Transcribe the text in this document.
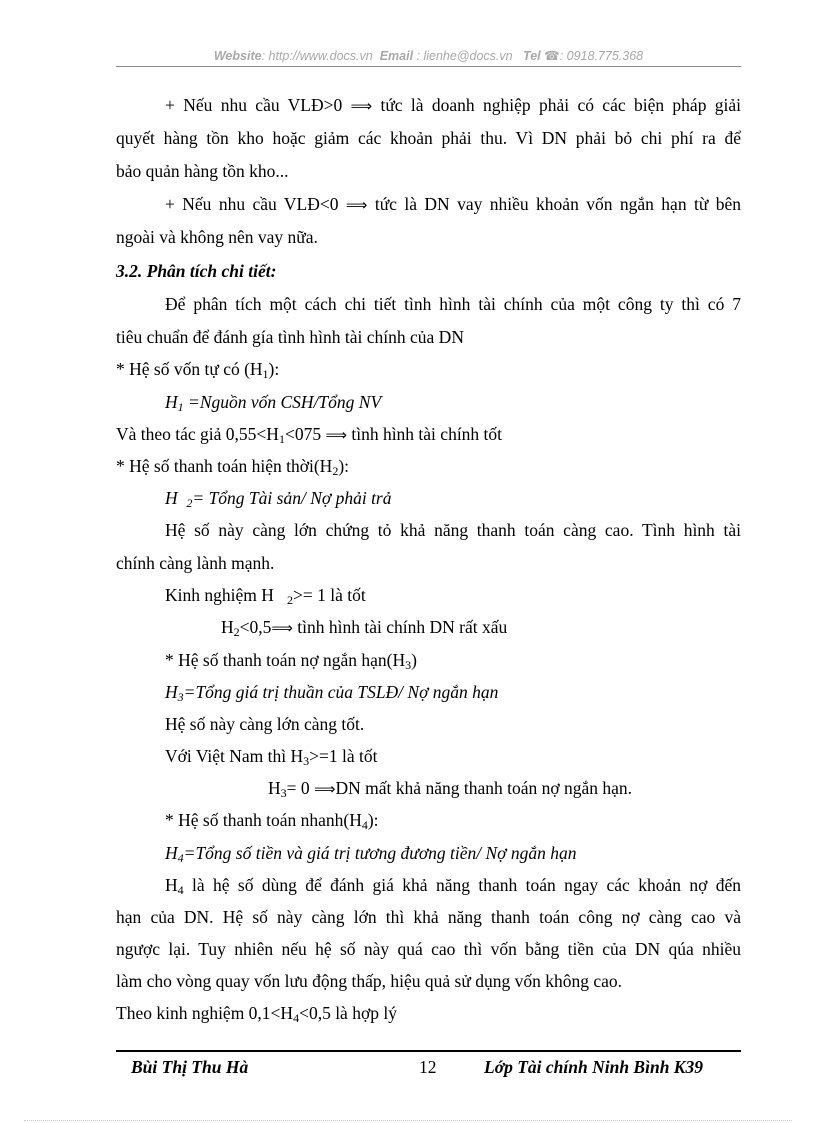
Website: http://www.docs.vn Email : lienhe@docs.vn Tel ☎: 0918.775.368
+ Nếu nhu cầu VLĐ>0 ⟹ tức là doanh nghiệp phải có các biện pháp giải
quyết hàng tồn kho hoặc giảm các khoản phải thu. Vì DN phải bỏ chi phí ra để
bảo quản hàng tồn kho...
+ Nếu nhu cầu VLĐ<0 ⟹ tức là DN vay nhiều khoản vốn ngắn hạn từ bên
ngoài và không nên vay nữa.
3.2. Phân tích chi tiết:
Để phân tích một cách chi tiết tình hình tài chính của một công ty thì có 7
tiêu chuẩn để đánh gía tình hình tài chính của DN
* Hệ số vốn tự có $(H_1)$:
$H_1$ =Nguồn vốn CSH/Tổng NV
Và theo tác giả $0,55<H_1<075$ ⟹ tình hình tài chính tốt
* Hệ số thanh toán hiện $thời(H_2)$:
H $_2$= Tổng Tài sản/ Nợ phải trả
Hệ số này càng lớn chứng tỏ khả năng thanh toán càng cao. Tình hình tài
chính càng lành mạnh.
Kinh nghiệm H $_2$>= 1 là tốt
$H_2<0,5⟹$ tình hình tài chính DN rất xấu
* Hệ số thanh toán nợ ngắn $hạn(H_3)$
$H_3=Tổng$ giá trị thuần của TSLĐ/ Nợ ngắn hạn
Hệ số này càng lớn càng tốt.
Với Việt Nam thì $H_3>=1$ là tốt
$H_3= 0$ ⟹DN mất khả năng thanh toán nợ ngắn hạn.
* Hệ số thanh toán $nhanh(H_4)$:
$H_4=Tổng$ số tiền và giá trị tương đương tiền/ Nợ ngắn hạn
$H_4$ là hệ số dùng để đánh giá khả năng thanh toán ngay các khoản nợ đến
hạn của DN. Hệ số này càng lớn thì khả năng thanh toán công nợ càng cao và
ngược lại. Tuy nhiên nếu hệ số này quá cao thì vốn bằng tiền của DN qúa nhiều
làm cho vòng quay vốn lưu động thấp, hiệu quả sử dụng vốn không cao.
Theo kinh nghiệm $0,1<H_4<0,5$ là hợp lý
Bùi Thị Thu Hà	12	Lớp Tài chính Ninh Bình K39
